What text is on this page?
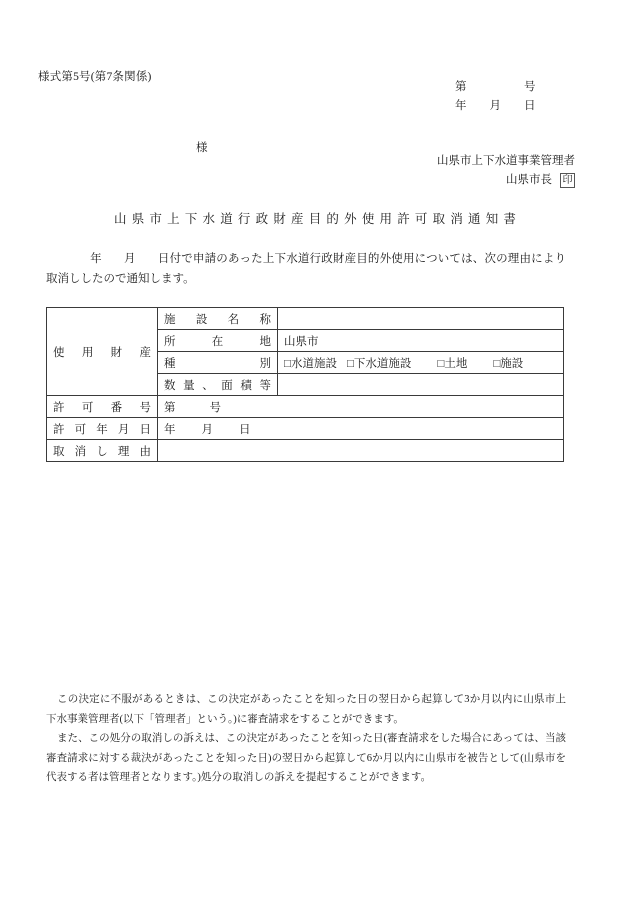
様式第5号(第7条関係)
第　　　　　号
年　　月　　日
様
山県市上下水道事業管理者
山県市長 印
山県市上下水道行政財産目的外使用許可取消通知書
年 月 日付で申請のあった上下水道行政財産目的外使用については、次の理由により取消ししたので通知します。
使用財産	施設名称	
	所在地	山県市
	種別	□水道施設 □下水道施設 □土地 □施設
	数量、面積等	
許可番号	第 号	
許可年月日	年 月 日	
取消し理由		

この決定に不服があるときは、この決定があったことを知った日の翌日から起算して3か月以内に山県市上下水事業管理者(以下「管理者」という。)に審査請求をすることができます。

また、この処分の取消しの訴えは、この決定があったことを知った日(審査請求をした場合にあっては、当該審査請求に対する裁決があったことを知った日)の翌日から起算して6か月以内に山県市を被告として(山県市を代表する者は管理者となります。)処分の取消しの訴えを提起することができます。
